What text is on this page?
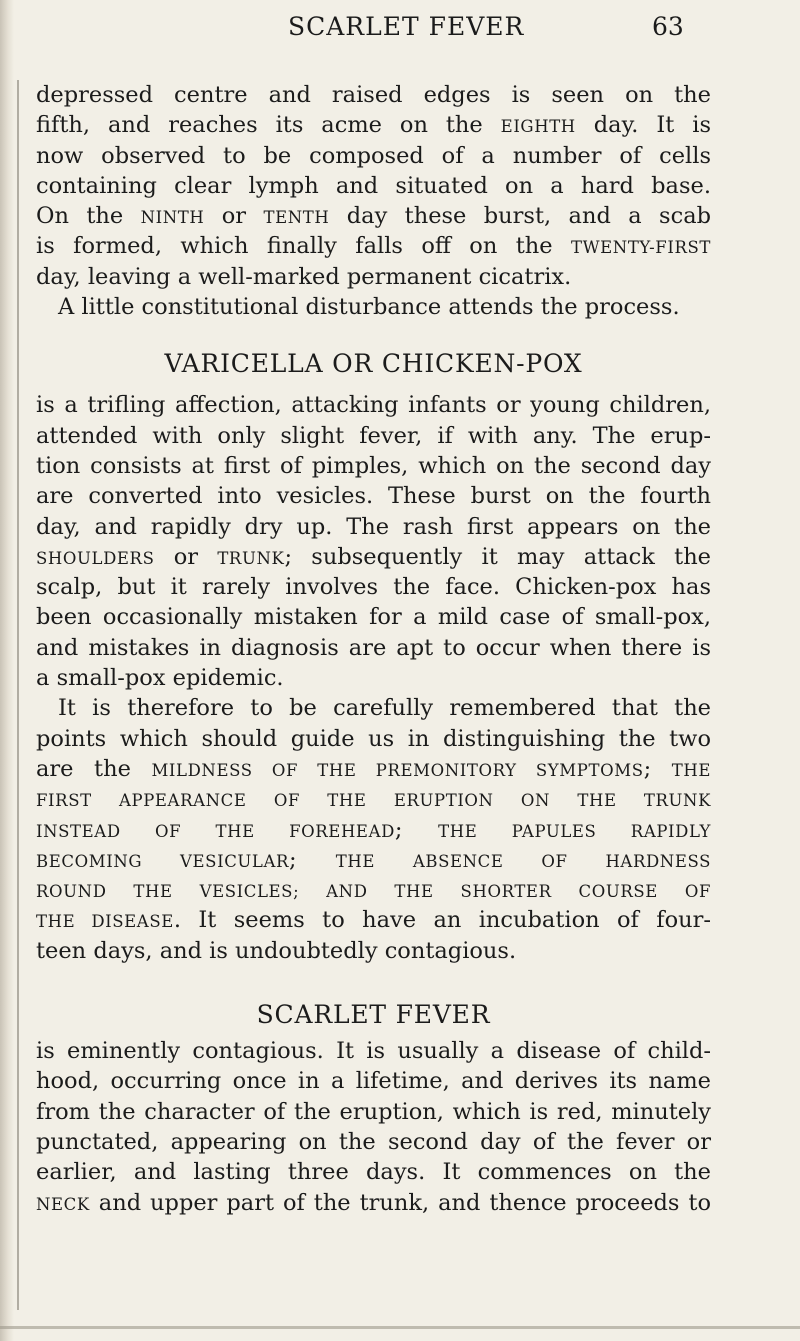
SCARLET FEVER	63
depressed centre and raised edges is seen on the
fifth, and reaches its acme on the EIGHTH day. It is
now observed to be composed of a number of cells
containing clear lymph and situated on a hard base.
On the NINTH or TENTH day these burst, and a scab
is formed, which finally falls off on the TWENTY-FIRST
day, leaving a well-marked permanent cicatrix.
A little constitutional disturbance attends the process.
VARICELLA OR CHICKEN-POX
is a trifling affection, attacking infants or young children,
attended with only slight fever, if with any. The erup-
tion consists at first of pimples, which on the second day
are converted into vesicles. These burst on the fourth
day, and rapidly dry up. The rash first appears on the
SHOULDERS or TRUNK; subsequently it may attack the
scalp, but it rarely involves the face. Chicken-pox has
been occasionally mistaken for a mild case of small-pox,
and mistakes in diagnosis are apt to occur when there is
a small-pox epidemic.
It is therefore to be carefully remembered that the
points which should guide us in distinguishing the two
are the MILDNESS OF THE PREMONITORY SYMPTOMS; THE
FIRST APPEARANCE OF THE ERUPTION ON THE TRUNK
INSTEAD OF THE FOREHEAD; THE PAPULES RAPIDLY
BECOMING VESICULAR; THE ABSENCE OF HARDNESS
ROUND THE VESICLES; AND THE SHORTER COURSE OF
THE DISEASE. It seems to have an incubation of four-
teen days, and is undoubtedly contagious.
SCARLET FEVER
is eminently contagious. It is usually a disease of child-
hood, occurring once in a lifetime, and derives its name
from the character of the eruption, which is red, minutely
punctated, appearing on the second day of the fever or
earlier, and lasting three days. It commences on the
NECK and upper part of the trunk, and thence proceeds to
